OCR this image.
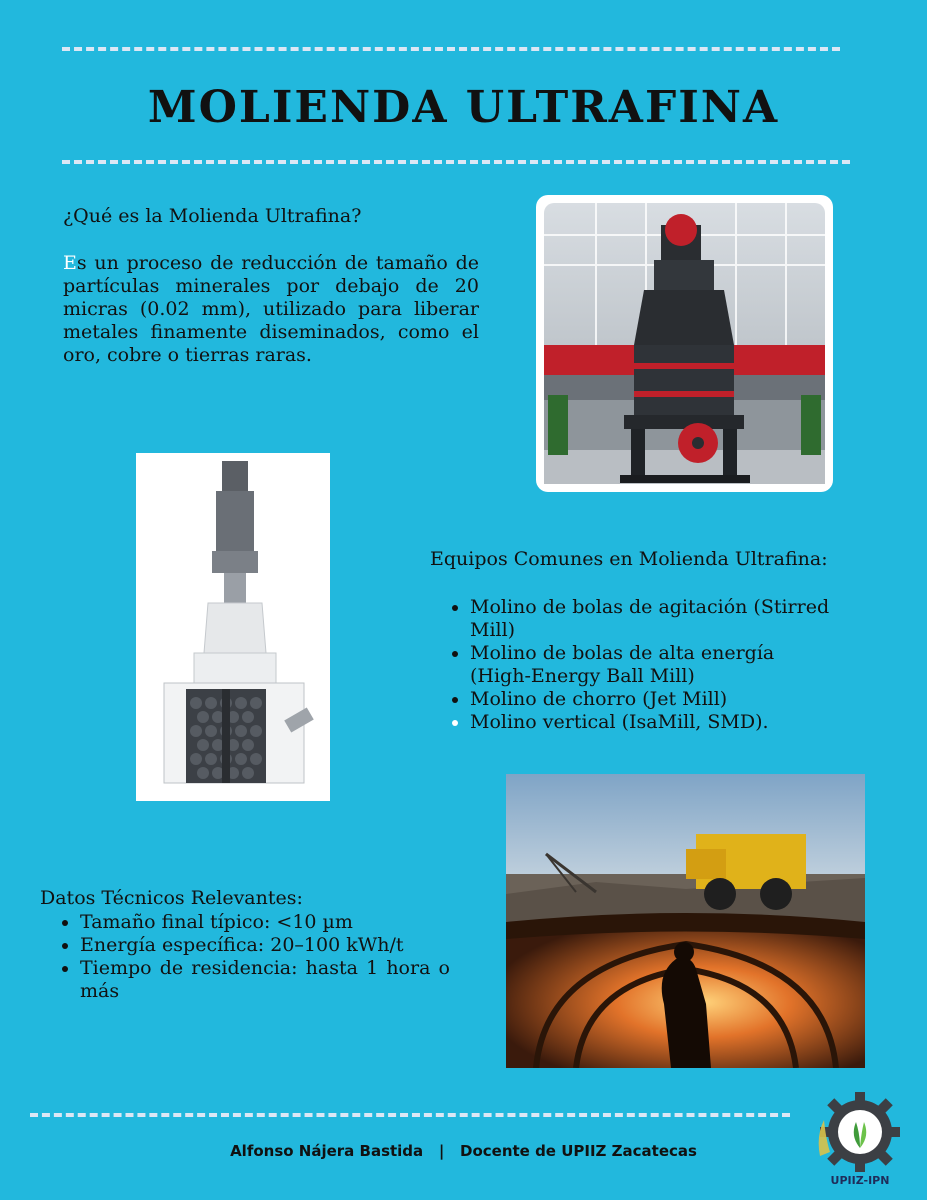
MOLIENDA ULTRAFINA
¿Qué es la Molienda Ultrafina?
Es un proceso de reducción de tamaño de partículas minerales por debajo de 20 micras (0.02 mm), utilizado para liberar metales finamente diseminados, como el oro, cobre o tierras raras.
Equipos Comunes en Molienda Ultrafina:
• Molino de bolas de agitación (Stirred Mill)
• Molino de bolas de alta energía (High-Energy Ball Mill)
• Molino de chorro (Jet Mill)
• Molino vertical (IsaMill, SMD).
Datos Técnicos Relevantes:
• Tamaño final típico: <10 µm
• Energía específica: 20–100 kWh/t
• Tiempo de residencia: hasta 1 hora o más
Alfonso Nájera Bastida | Docente de UPIIZ Zacatecas
UPIIZ-IPN
